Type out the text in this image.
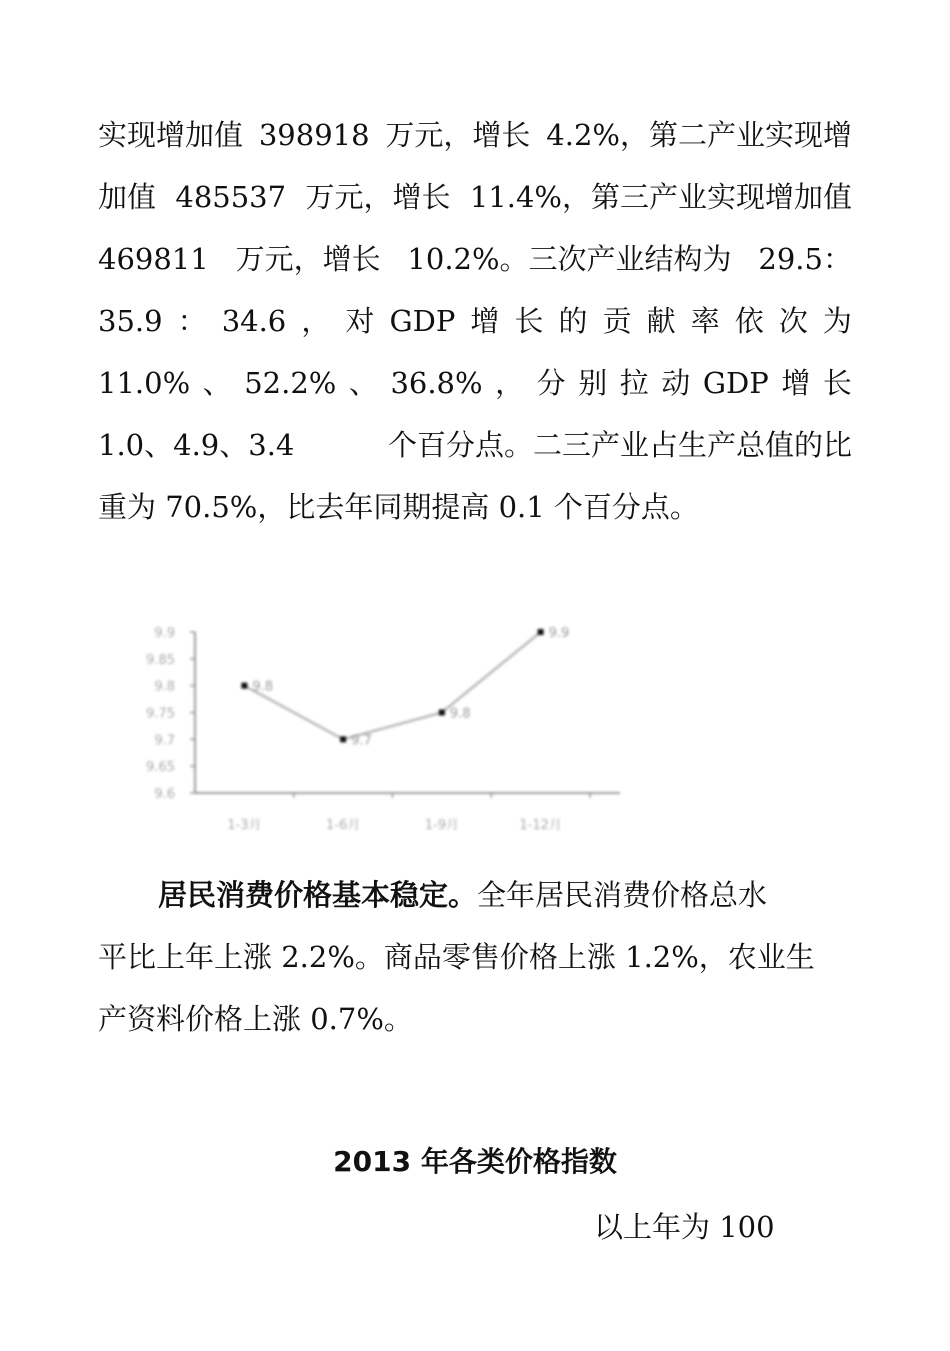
实现增加值 398918 万元，增长 4.2%，第二产业实现增

加值 485537 万元，增长 11.4%，第三产业实现增加值

469811 万元，增长 10.2%。三次产业结构为 29.5：

35.9 ： 34.6 ， 对 GDP 增 长 的 贡 献 率 依 次 为

11.0% 、 52.2% 、 36.8% ， 分 别 拉 动 GDP 增 长

1.0、4.9、3.4	个百分点。二三产业占生产总值的比

重为 70.5%，比去年同期提高 0.1 个百分点。

9.6
9.65
9.7
9.75
9.8
9.85
9.9
1-3月	1-6月	1-9月	1-12月
9.8
9.7
9.8
9.9

居民消费价格基本稳定。全年居民消费价格总水

平比上年上涨 2.2%。商品零售价格上涨 1.2%，农业生

产资料价格上涨 0.7%。

2013 年各类价格指数
以上年为 100
